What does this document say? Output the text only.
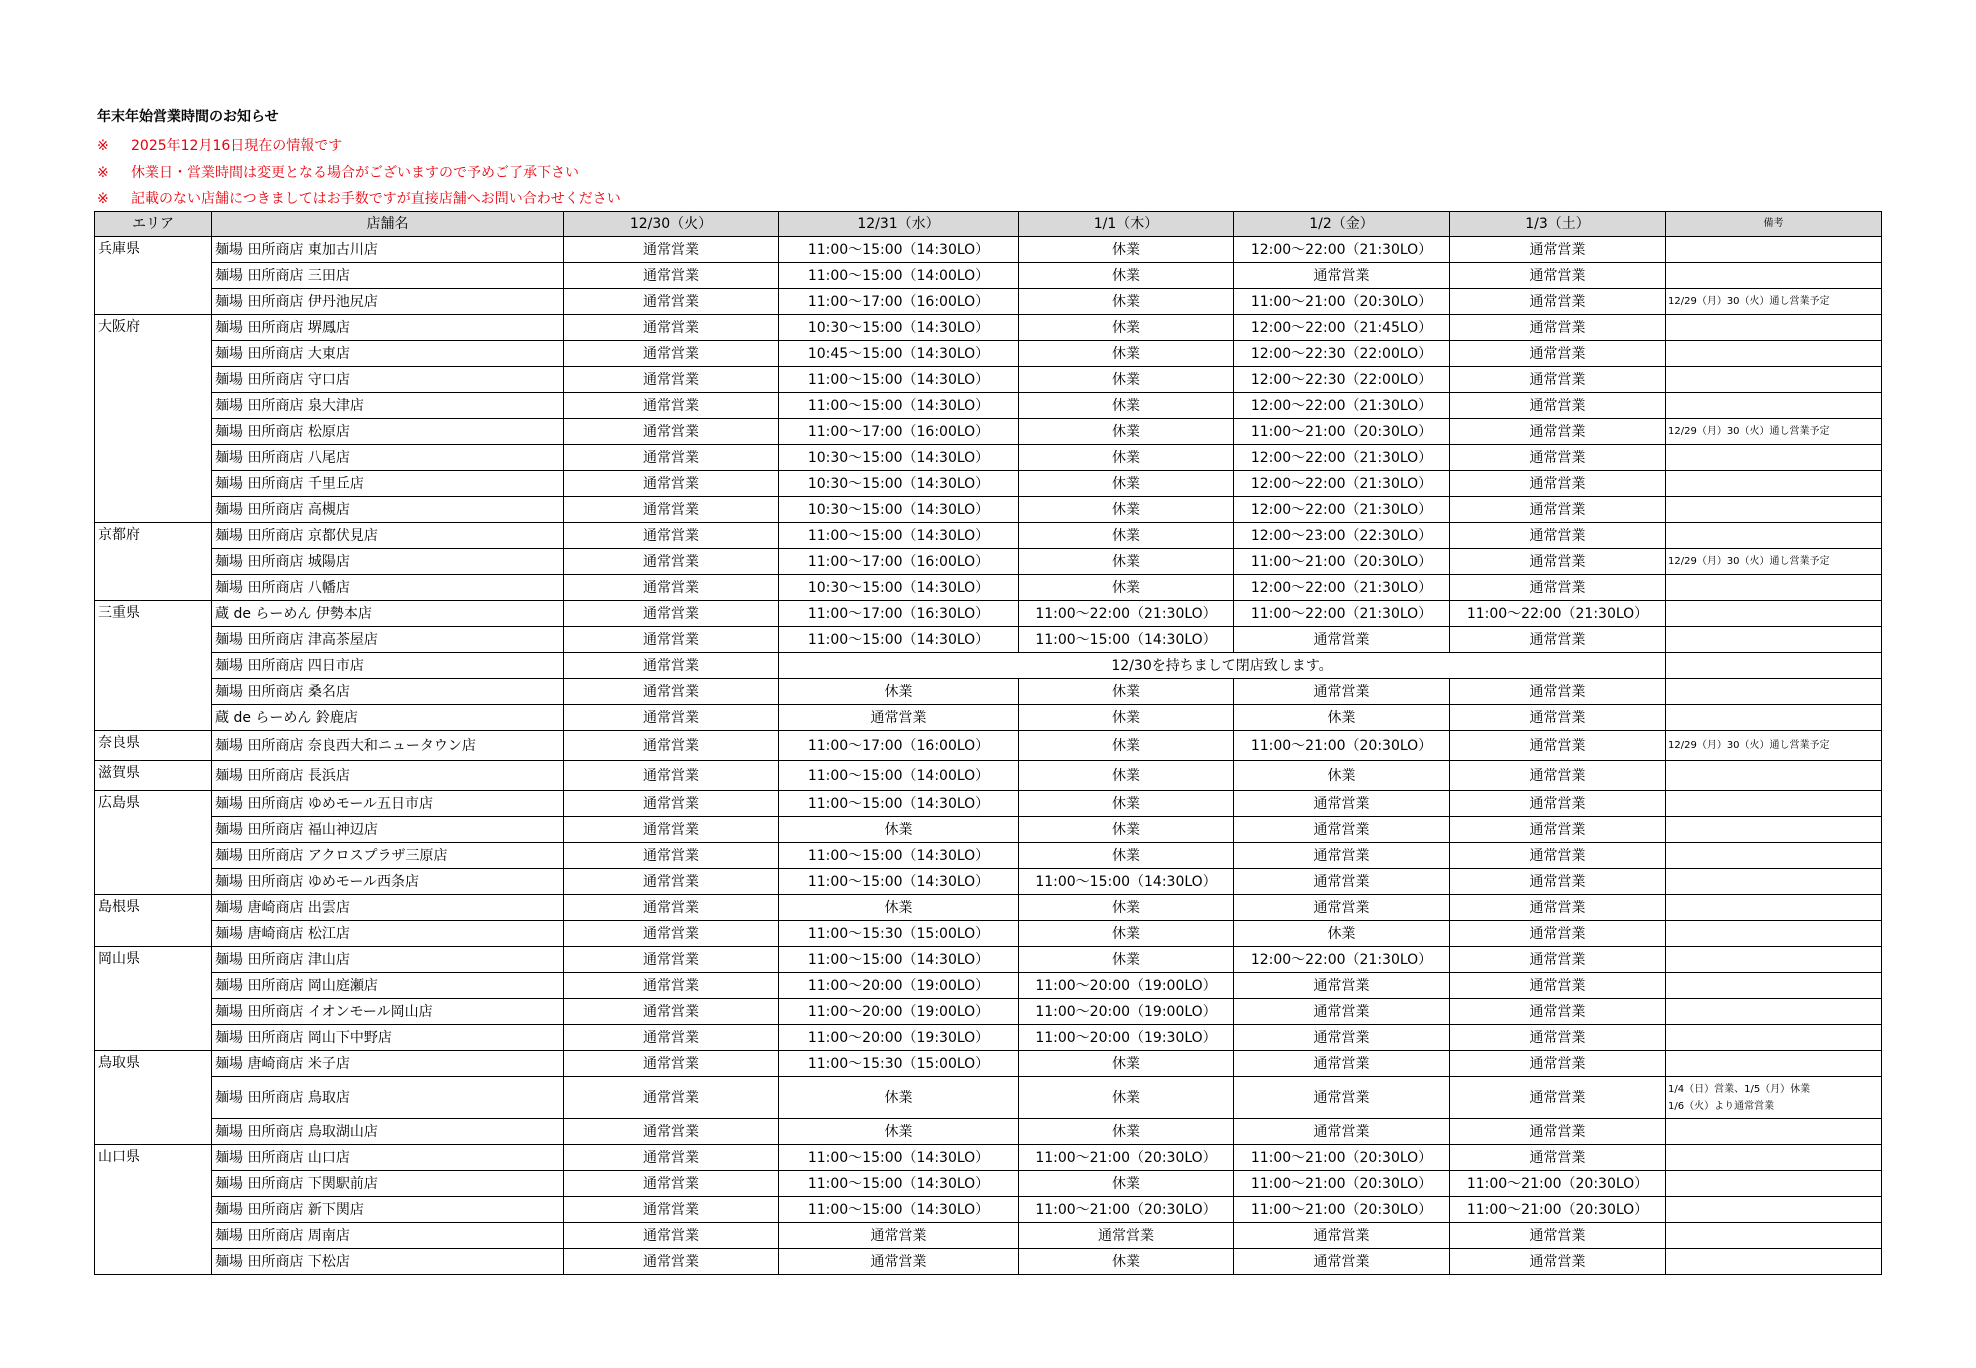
年末年始営業時間のお知らせ
※ 2025年12月16日現在の情報です
※ 休業日・営業時間は変更となる場合がございますので予めご了承下さい
※ 記載のない店舗につきましてはお手数ですが直接店舗へお問い合わせください
エリア	店舗名	12/30（火）	12/31（水）	1/1（木）	1/2（金）	1/3（土）	備考
兵庫県	麺場 田所商店 東加古川店	通常営業	11:00～15:00（14:30LO）	休業	12:00～22:00（21:30LO）	通常営業	

	麺場 田所商店 三田店	通常営業	11:00～15:00（14:00LO）	休業	通常営業	通常営業	

	麺場 田所商店 伊丹池尻店	通常営業	11:00～17:00（16:00LO）	休業	11:00～21:00（20:30LO）	通常営業	12/29（月）30（火）通し営業予定

大阪府	麺場 田所商店 堺鳳店	通常営業	10:30～15:00（14:30LO）	休業	12:00～22:00（21:45LO）	通常営業	

	麺場 田所商店 大東店	通常営業	10:45～15:00（14:30LO）	休業	12:00～22:30（22:00LO）	通常営業	

	麺場 田所商店 守口店	通常営業	11:00～15:00（14:30LO）	休業	12:00～22:30（22:00LO）	通常営業	

	麺場 田所商店 泉大津店	通常営業	11:00～15:00（14:30LO）	休業	12:00～22:00（21:30LO）	通常営業	

	麺場 田所商店 松原店	通常営業	11:00～17:00（16:00LO）	休業	11:00～21:00（20:30LO）	通常営業	12/29（月）30（火）通し営業予定

	麺場 田所商店 八尾店	通常営業	10:30～15:00（14:30LO）	休業	12:00～22:00（21:30LO）	通常営業	

	麺場 田所商店 千里丘店	通常営業	10:30～15:00（14:30LO）	休業	12:00～22:00（21:30LO）	通常営業	

	麺場 田所商店 高槻店	通常営業	10:30～15:00（14:30LO）	休業	12:00～22:00（21:30LO）	通常営業	

京都府	麺場 田所商店 京都伏見店	通常営業	11:00～15:00（14:30LO）	休業	12:00～23:00（22:30LO）	通常営業	

	麺場 田所商店 城陽店	通常営業	11:00～17:00（16:00LO）	休業	11:00～21:00（20:30LO）	通常営業	12/29（月）30（火）通し営業予定

	麺場 田所商店 八幡店	通常営業	10:30～15:00（14:30LO）	休業	12:00～22:00（21:30LO）	通常営業	

三重県	蔵 de らーめん 伊勢本店	通常営業	11:00～17:00（16:30LO）	11:00～22:00（21:30LO）	11:00～22:00（21:30LO）	11:00～22:00（21:30LO）	

	麺場 田所商店 津高茶屋店	通常営業	11:00～15:00（14:30LO）	11:00～15:00（14:30LO）	通常営業	通常営業	

	麺場 田所商店 四日市店	通常営業	12/30を持ちまして閉店致します。				
	麺場 田所商店 桑名店	通常営業	休業	休業	通常営業	通常営業	

	蔵 de らーめん 鈴鹿店	通常営業	通常営業	休業	休業	通常営業	

奈良県	麺場 田所商店 奈良西大和ニュータウン店	通常営業	11:00～17:00（16:00LO）	休業	11:00～21:00（20:30LO）	通常営業	12/29（月）30（火）通し営業予定

滋賀県	麺場 田所商店 長浜店	通常営業	11:00～15:00（14:00LO）	休業	休業	通常営業	

広島県	麺場 田所商店 ゆめモール五日市店	通常営業	11:00～15:00（14:30LO）	休業	通常営業	通常営業	

	麺場 田所商店 福山神辺店	通常営業	休業	休業	通常営業	通常営業	

	麺場 田所商店 アクロスプラザ三原店	通常営業	11:00～15:00（14:30LO）	休業	通常営業	通常営業	

	麺場 田所商店 ゆめモール西条店	通常営業	11:00～15:00（14:30LO）	11:00～15:00（14:30LO）	通常営業	通常営業	

島根県	麺場 唐崎商店 出雲店	通常営業	休業	休業	通常営業	通常営業	

	麺場 唐崎商店 松江店	通常営業	11:00～15:30（15:00LO）	休業	休業	通常営業	

岡山県	麺場 田所商店 津山店	通常営業	11:00～15:00（14:30LO）	休業	12:00～22:00（21:30LO）	通常営業	

	麺場 田所商店 岡山庭瀬店	通常営業	11:00～20:00（19:00LO）	11:00～20:00（19:00LO）	通常営業	通常営業	

	麺場 田所商店 イオンモール岡山店	通常営業	11:00～20:00（19:00LO）	11:00～20:00（19:00LO）	通常営業	通常営業	

	麺場 田所商店 岡山下中野店	通常営業	11:00～20:00（19:30LO）	11:00～20:00（19:30LO）	通常営業	通常営業	

鳥取県	麺場 唐崎商店 米子店	通常営業	11:00～15:30（15:00LO）	休業	通常営業	通常営業	

	麺場 田所商店 鳥取店	通常営業	休業	休業	通常営業	通常営業	1/4（日）営業、1/5（月）休業
1/6（火）より通常営業

	麺場 田所商店 鳥取湖山店	通常営業	休業	休業	通常営業	通常営業	

山口県	麺場 田所商店 山口店	通常営業	11:00～15:00（14:30LO）	11:00～21:00（20:30LO）	11:00～21:00（20:30LO）	通常営業	

	麺場 田所商店 下関駅前店	通常営業	11:00～15:00（14:30LO）	休業	11:00～21:00（20:30LO）	11:00～21:00（20:30LO）	

	麺場 田所商店 新下関店	通常営業	11:00～15:00（14:30LO）	11:00～21:00（20:30LO）	11:00～21:00（20:30LO）	11:00～21:00（20:30LO）	

	麺場 田所商店 周南店	通常営業	通常営業	通常営業	通常営業	通常営業	

	麺場 田所商店 下松店	通常営業	通常営業	休業	通常営業	通常営業	
